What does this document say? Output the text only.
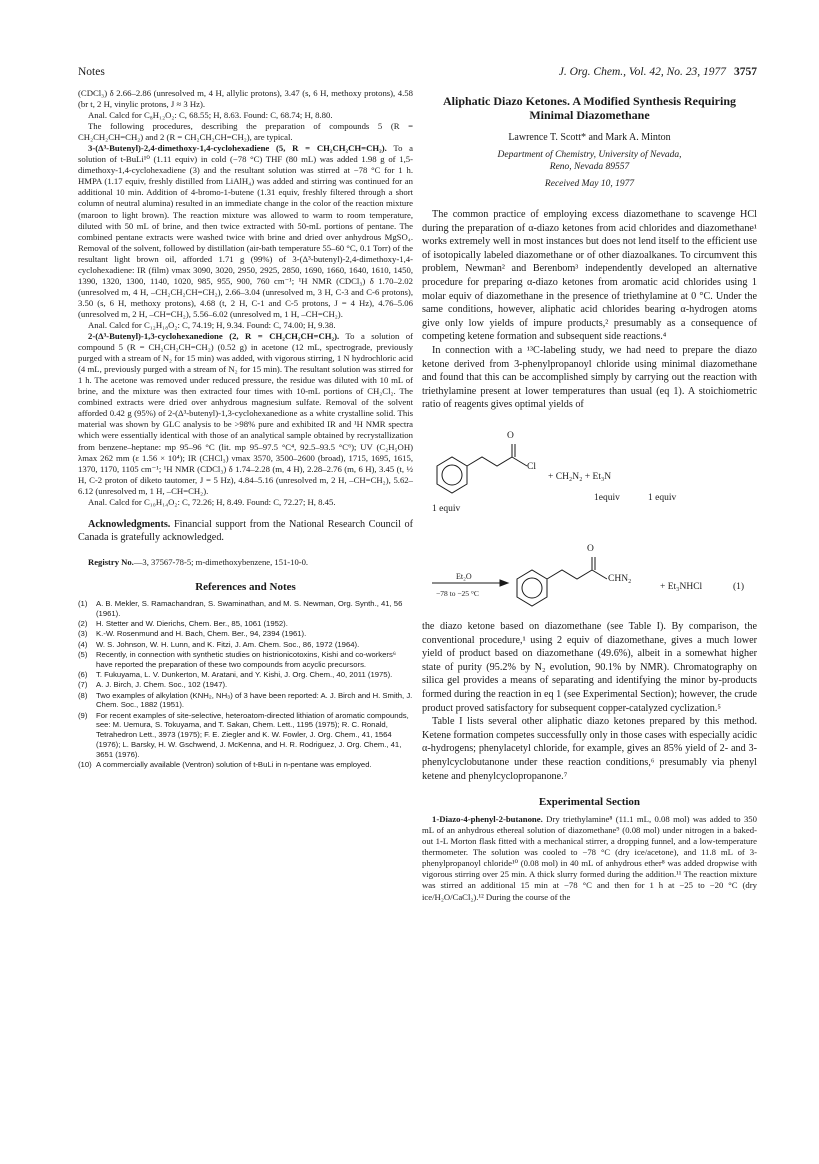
Notes	J. Org. Chem., Vol. 42, No. 23, 1977 3757

(CDCl₃) δ 2.66–2.86 (unresolved m, 4 H, allylic protons), 3.47 (s, 6 H, methoxy protons), 4.58 (br t, 2 H, vinylic protons, J ≈ 3 Hz).

Anal. Calcd for C₈H₁₂O₂: C, 68.55; H, 8.63. Found: C, 68.74; H, 8.80.

The following procedures, describing the preparation of compounds 5 (R = CH₂CH₂CH=CH₂) and 2 (R = CH₂CH₂CH=CH₂), are typical.

3-(Δ³-Butenyl)-2,4-dimethoxy-1,4-cyclohexadiene (5, R = CH₂CH₂CH=CH₂). To a solution of t-BuLi¹⁰ (1.11 equiv) in cold (−78 °C) THF (80 mL) was added 1.98 g of 1,5-dimethoxy-1,4-cyclohexadiene (3) and the resultant solution was stirred at −78 °C for 1 h. HMPA (1.17 equiv, freshly distilled from LiAlH₄) was added and stirring was continued for an additional 10 min. Addition of 4-bromo-1-butene (1.31 equiv, freshly filtered through a short column of neutral alumina) resulted in an immediate change in the color of the reaction mixture (maroon to light brown). The reaction mixture was allowed to warm to room temperature, diluted with 50 mL of brine, and then twice extracted with 50-mL portions of pentane. The combined pentane extracts were washed twice with brine and dried over anhydrous MgSO₄. Removal of the solvent, followed by distillation (air-bath temperature 55–60 °C, 0.1 Torr) of the resultant light brown oil, afforded 1.71 g (99%) of 3-(Δ³-butenyl)-2,4-dimethoxy-1,4-cyclohexadiene: IR (film) νmax 3090, 3020, 2950, 2925, 2850, 1690, 1660, 1640, 1610, 1450, 1390, 1320, 1300, 1140, 1020, 985, 955, 900, 760 cm⁻¹; ¹H NMR (CDCl₃) δ 1.70–2.02 (unresolved m, 4 H, –CH₂CH₂CH=CH₂), 2.66–3.04 (unresolved m, 3 H, C-3 and C-6 protons), 3.50 (s, 6 H, methoxy protons), 4.68 (t, 2 H, C-1 and C-5 protons, J = 4 Hz), 4.76–5.06 (unresolved m, 2 H, –CH=CH₂), 5.56–6.02 (unresolved m, 1 H, –CH=CH₂).

Anal. Calcd for C₁₂H₁₈O₂: C, 74.19; H, 9.34. Found: C, 74.00; H, 9.38.

2-(Δ³-Butenyl)-1,3-cyclohexanedione (2, R = CH₂CH₂CH=CH₂). To a solution of compound 5 (R = CH₂CH₂CH=CH₂) (0.52 g) in acetone (12 mL, spectrograde, previously purged with a stream of N₂ for 15 min) was added, with vigorous stirring, 1 N hydrochloric acid (4 mL, previously purged with a stream of N₂ for 15 min). The resultant solution was stirred for 1 h. The acetone was removed under reduced pressure, the residue was diluted with 10 mL of brine, and the mixture was then extracted four times with 10-mL portions of CH₂Cl₂. The combined extracts were dried over anhydrous magnesium sulfate. Removal of the solvent afforded 0.42 g (95%) of 2-(Δ³-butenyl)-1,3-cyclohexanedione as a white crystalline solid. This material was shown by GLC analysis to be >98% pure and exhibited IR and ¹H NMR spectra which were essentially identical with those of an analytical sample obtained by recrystallization from benzene–heptane: mp 95–96 °C (lit. mp 95–97.5 °C⁴, 92.5–93.5 °C⁶); UV (C₂H₅OH) λmax 262 mm (ε 1.56 × 10⁴); IR (CHCl₃) νmax 3570, 3500–2600 (broad), 1715, 1695, 1615, 1370, 1170, 1105 cm⁻¹; ¹H NMR (CDCl₃) δ 1.74–2.28 (m, 4 H), 2.28–2.76 (m, 6 H), 3.45 (t, ½ H, C-2 proton of diketo tautomer, J = 5 Hz), 4.84–5.16 (unresolved m, 2 H, –CH=CH₂), 5.62–6.12 (unresolved m, 1 H, –CH=CH₂).

Anal. Calcd for C₁₀H₁₄O₂: C, 72.26; H, 8.49. Found: C, 72.27; H, 8.45.

Acknowledgments. Financial support from the National Research Council of Canada is gratefully acknowledged.

Registry No.—3, 37567-78-5; m-dimethoxybenzene, 151-10-0.

References and Notes
(1) A. B. Mekler, S. Ramachandran, S. Swaminathan, and M. S. Newman, Org. Synth., 41, 56 (1961).
(2) H. Stetter and W. Dierichs, Chem. Ber., 85, 1061 (1952).
(3) K.-W. Rosenmund and H. Bach, Chem. Ber., 94, 2394 (1961).
(4) W. S. Johnson, W. H. Lunn, and K. Fitzi, J. Am. Chem. Soc., 86, 1972 (1964).
(5) Recently, in connection with synthetic studies on histrionicotoxins, Kishi and co-workers⁶ have reported the preparation of these two compounds from acyclic precursors.
(6) T. Fukuyama, L. V. Dunkerton, M. Aratani, and Y. Kishi, J. Org. Chem., 40, 2011 (1975).
(7) A. J. Birch, J. Chem. Soc., 102 (1947).
(8) Two examples of alkylation (KNH₂, NH₃) of 3 have been reported: A. J. Birch and H. Smith, J. Chem. Soc., 1882 (1951).
(9) For recent examples of site-selective, heteroatom-directed lithiation of aromatic compounds, see: M. Uemura, S. Tokuyama, and T. Sakan, Chem. Lett., 1195 (1975); R. C. Ronald, Tetrahedron Lett., 3973 (1975); F. E. Ziegler and K. W. Fowler, J. Org. Chem., 41, 1564 (1976); L. Barsky, H. W. Gschwend, J. McKenna, and H. R. Rodriguez, J. Org. Chem., 41, 3651 (1976).
(10) A commercially available (Ventron) solution of t-BuLi in n-pentane was employed.
Aliphatic Diazo Ketones. A Modified Synthesis Requiring Minimal Diazomethane
Lawrence T. Scott* and Mark A. Minton
Department of Chemistry, University of Nevada,
Reno, Nevada 89557
Received May 10, 1977

The common practice of employing excess diazomethane to scavenge HCl during the preparation of α-diazo ketones from acid chlorides and diazomethane¹ works extremely well in most instances but does not lend itself to the efficient use of isotopically labeled diazomethane or of other diazoalkanes. To circumvent this problem, Newman² and Berenbom³ independently developed an alternative procedure for preparing α-diazo ketones from aromatic acid chlorides using 1 molar equiv of diazomethane in the presence of triethylamine at 0 °C. Under the same conditions, however, aliphatic acid chlorides bearing α-hydrogen atoms give only low yields of impure products,² presumably as a consequence of competing ketene formation and subsequent side reactions.⁴

In connection with a ¹³C-labeling study, we had need to prepare the diazo ketone derived from 3-phenylpropanoyl chloride using minimal diazomethane and found that this can be accomplished simply by carrying out the reaction with triethylamine present at lower temperatures than usual (eq 1). A stoichiometric ratio of reagents gives optimal yields of

O
Cl
+ CH₂N₂ + Et₃N
1 equiv
1equiv	1 equiv
Et₂O
−78 to −25 °C
O
CHN₂
+ Et₃NHCl	(1)

the diazo ketone based on diazomethane (see Table I). By comparison, the conventional procedure,¹ using 2 equiv of diazomethane, gives a much lower yield of product based on diazomethane (49.6%), albeit in a somewhat higher state of purity (95.2% by N₂ evolution, 90.1% by NMR). Chromatography on silica gel provides a means of separating and identifying the minor by-products formed during the reaction in eq 1 (see Experimental Section); however, the crude product proved satisfactory for subsequent copper-catalyzed cyclization.⁵

Table I lists several other aliphatic diazo ketones prepared by this method. Ketene formation competes successfully only in those cases with especially acidic α-hydrogens; phenylacetyl chloride, for example, gives an 85% yield of 2- and 3-phenylcyclobutanone under these reaction conditions,⁶ presumably via phenyl ketene and phenylcyclopropanone.⁷

Experimental Section

1-Diazo-4-phenyl-2-butanone. Dry triethylamine⁸ (11.1 mL, 0.08 mol) was added to 350 mL of an anhydrous ethereal solution of diazomethane⁹ (0.08 mol) under nitrogen in a baked-out 1-L Morton flask fitted with a mechanical stirrer, a dropping funnel, and a low-temperature thermometer. The solution was cooled to −78 °C (dry ice/acetone), and 11.8 mL of 3-phenylpropanoyl chloride¹⁰ (0.08 mol) in 40 mL of anhydrous ether⁸ was added dropwise with vigorous stirring over 25 min. A thick slurry formed during the addition.¹¹ The reaction mixture was stirred an additional 15 min at −78 °C and then for 1 h at −25 to −20 °C (dry ice/H₂O/CaCl₂).¹² During the course of the
